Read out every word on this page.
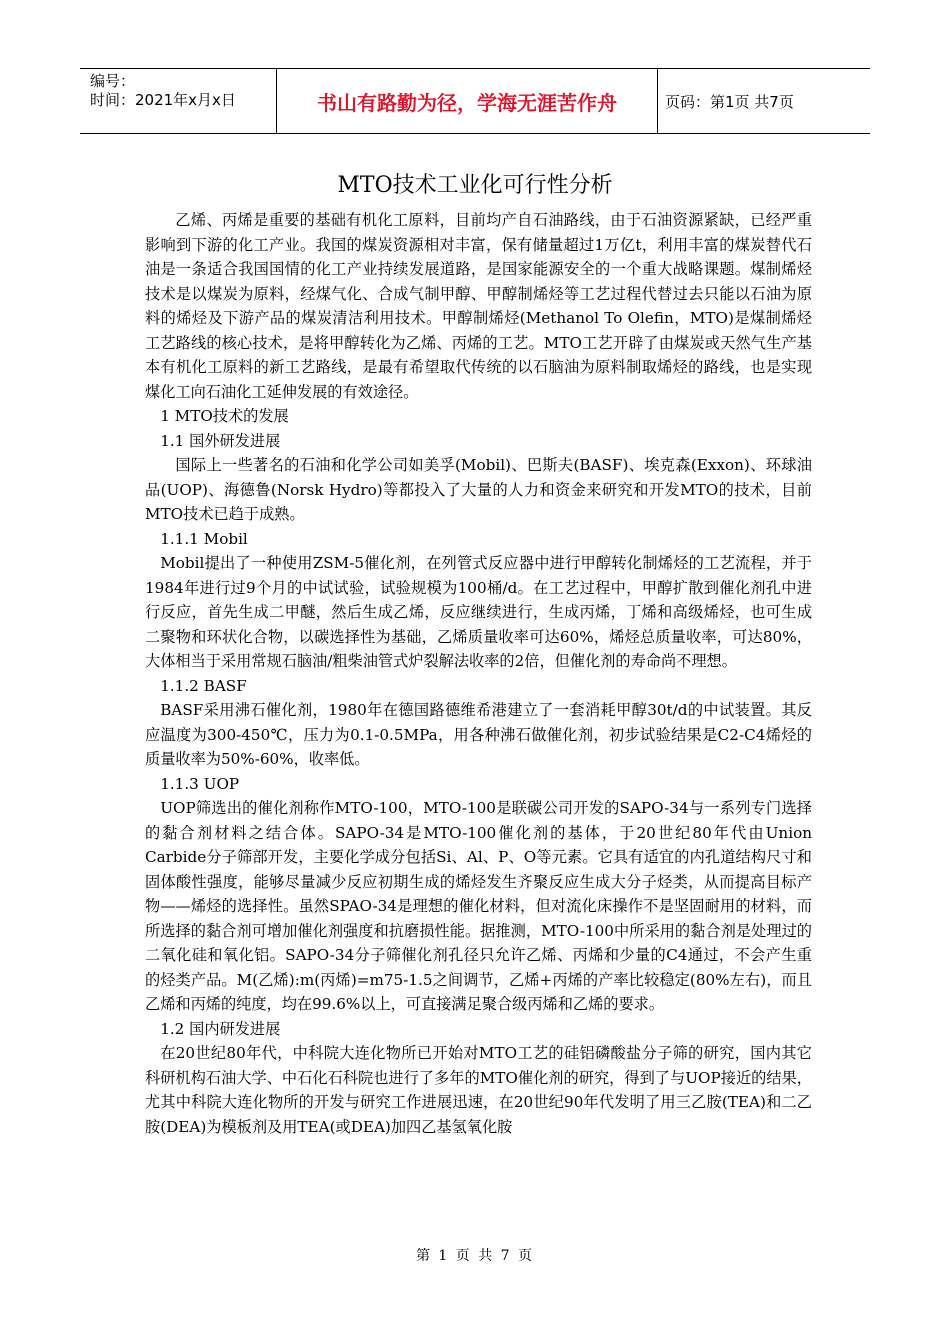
编号：
时间：2021年x月x日	书山有路勤为径，学海无涯苦作舟	页码：第1页 共7页
MTO技术工业化可行性分析

乙烯、丙烯是重要的基础有机化工原料，目前均产自石油路线，由于石油资源紧缺，已经严重影响到下游的化工产业。我国的煤炭资源相对丰富，保有储量超过1万亿t，利用丰富的煤炭替代石油是一条适合我国国情的化工产业持续发展道路，是国家能源安全的一个重大战略课题。煤制烯烃技术是以煤炭为原料，经煤气化、合成气制甲醇、甲醇制烯烃等工艺过程代替过去只能以石油为原料的烯烃及下游产品的煤炭清洁利用技术。甲醇制烯烃(Methanol To Olefin，MTO)是煤制烯烃工艺路线的核心技术，是将甲醇转化为乙烯、丙烯的工艺。MTO工艺开辟了由煤炭或天然气生产基本有机化工原料的新工艺路线，是最有希望取代传统的以石脑油为原料制取烯烃的路线，也是实现煤化工向石油化工延伸发展的有效途径。

1 MTO技术的发展

1.1 国外研发进展

国际上一些著名的石油和化学公司如美孚(Mobil)、巴斯夫(BASF)、埃克森(Exxon)、环球油品(UOP)、海德鲁(Norsk Hydro)等都投入了大量的人力和资金来研究和开发MTO的技术，目前MTO技术已趋于成熟。

1.1.1 Mobil

Mobil提出了一种使用ZSM-5催化剂，在列管式反应器中进行甲醇转化制烯烃的工艺流程，并于1984年进行过9个月的中试试验，试验规模为100桶/d。在工艺过程中，甲醇扩散到催化剂孔中进行反应，首先生成二甲醚，然后生成乙烯，反应继续进行，生成丙烯，丁烯和高级烯烃，也可生成二聚物和环状化合物，以碳选择性为基础，乙烯质量收率可达60%，烯烃总质量收率，可达80%，大体相当于采用常规石脑油/粗柴油管式炉裂解法收率的2倍，但催化剂的寿命尚不理想。

1.1.2 BASF

BASF采用沸石催化剂，1980年在德国路德维希港建立了一套消耗甲醇30t/d的中试装置。其反应温度为300-450℃，压力为0.1-0.5MPa，用各种沸石做催化剂，初步试验结果是C2-C4烯烃的质量收率为50%-60%，收率低。

1.1.3 UOP

UOP筛选出的催化剂称作MTO-100，MTO-100是联碳公司开发的SAPO-34与一系列专门选择的黏合剂材料之结合体。SAPO-34是MTO-100催化剂的基体，于20世纪80年代由Union Carbide分子筛部开发，主要化学成分包括Si、Al、P、O等元素。它具有适宜的内孔道结构尺寸和固体酸性强度，能够尽量减少反应初期生成的烯烃发生齐聚反应生成大分子烃类，从而提高目标产物——烯烃的选择性。虽然SPAO-34是理想的催化材料，但对流化床操作不是坚固耐用的材料，而所选择的黏合剂可增加催化剂强度和抗磨损性能。据推测，MTO-100中所采用的黏合剂是处理过的二氧化硅和氧化铝。SAPO-34分子筛催化剂孔径只允许乙烯、丙烯和少量的C4通过，不会产生重的烃类产品。M(乙烯):m(丙烯)=m75-1.5之间调节，乙烯+丙烯的产率比较稳定(80%左右)，而且乙烯和丙烯的纯度，均在99.6%以上，可直接满足聚合级丙烯和乙烯的要求。

1.2 国内研发进展

在20世纪80年代，中科院大连化物所已开始对MTO工艺的硅铝磷酸盐分子筛的研究，国内其它科研机构石油大学、中石化石科院也进行了多年的MTO催化剂的研究，得到了与UOP接近的结果，尤其中科院大连化物所的开发与研究工作进展迅速，在20世纪90年代发明了用三乙胺(TEA)和二乙胺(DEA)为模板剂及用TEA(或DEA)加四乙基氢氧化胺

第 1 页 共 7 页
